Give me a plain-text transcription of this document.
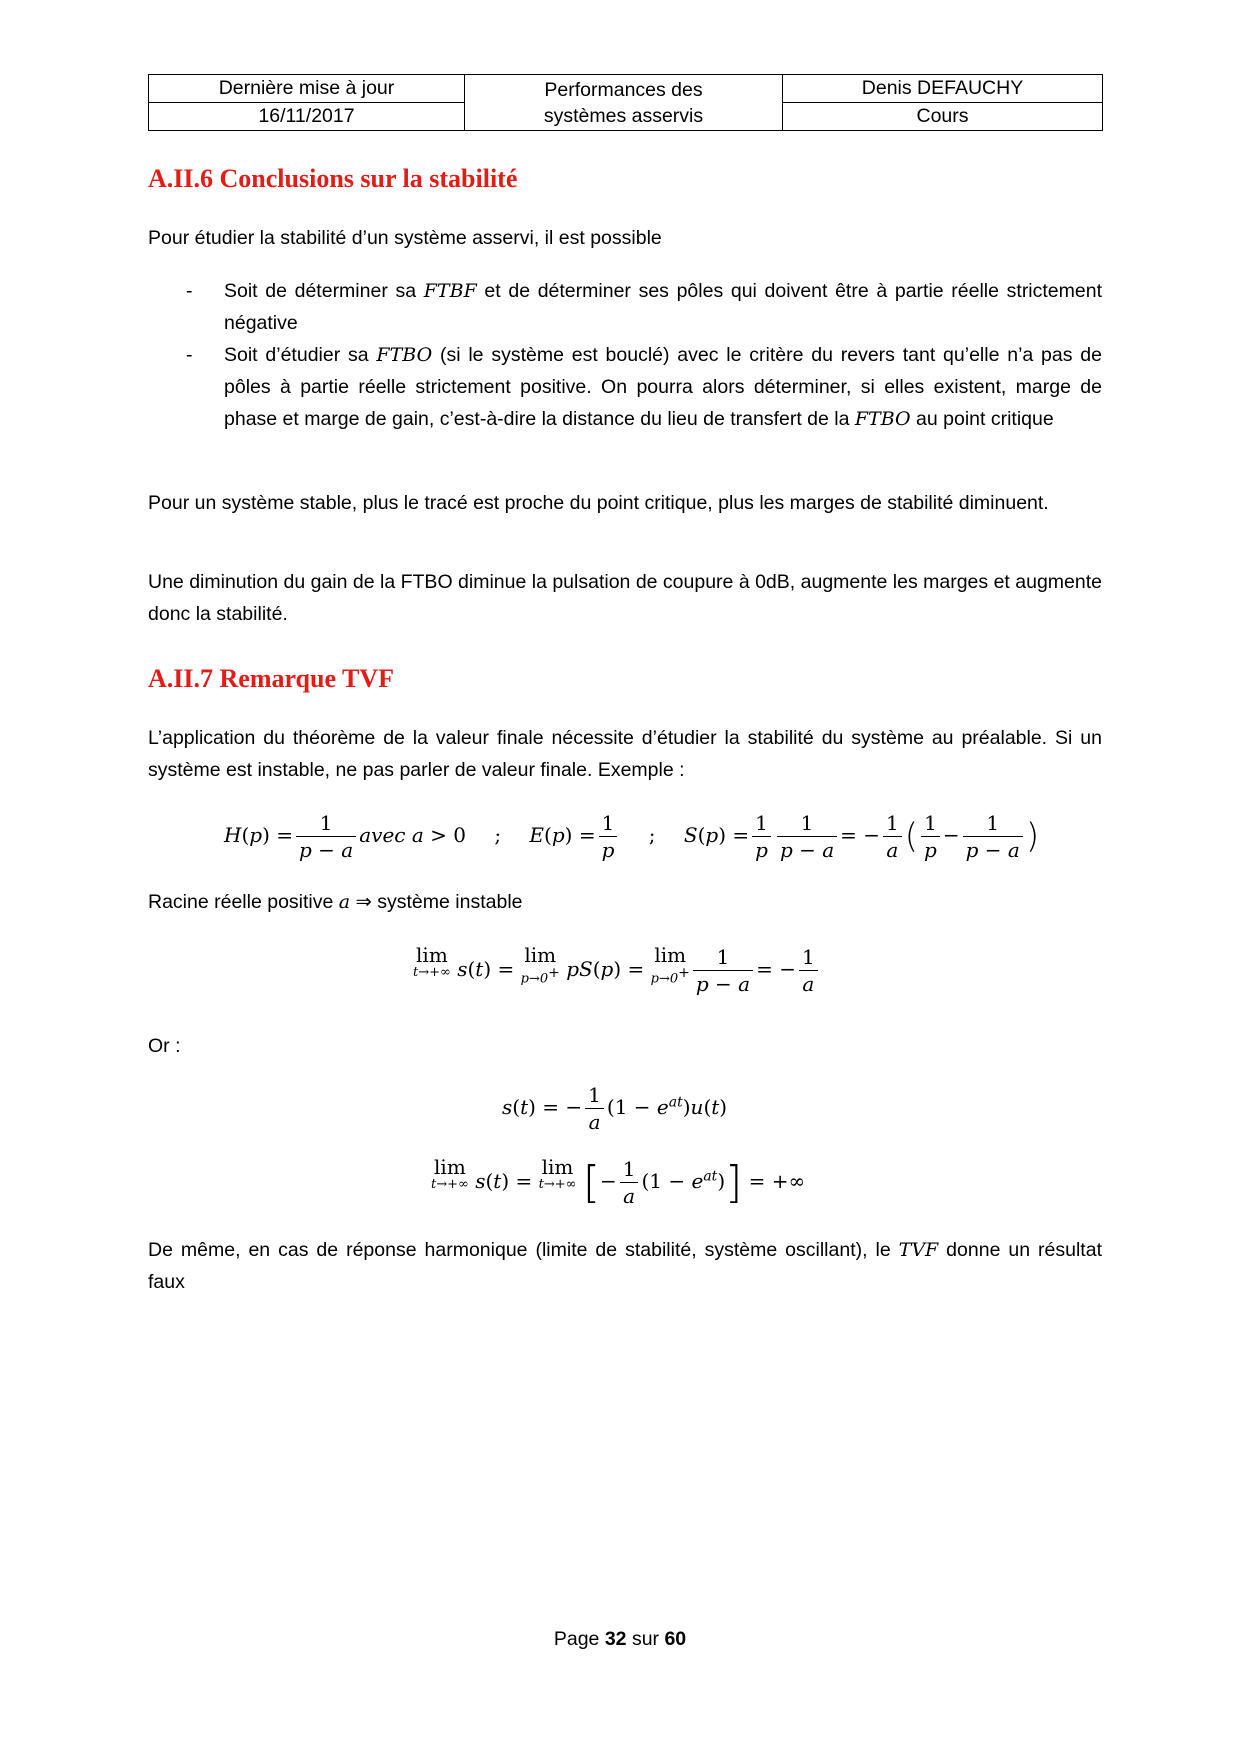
Dernière mise à jour	Performances des systèmes asservis	Denis DEFAUCHY
16/11/2017		Cours
A.II.6 Conclusions sur la stabilité

Pour étudier la stabilité d’un système asservi, il est possible

- Soit de déterminer sa FTBF et de déterminer ses pôles qui doivent être à partie réelle strictement négative
- Soit d’étudier sa FTBO (si le système est bouclé) avec le critère du revers tant qu’elle n’a pas de pôles à partie réelle strictement positive. On pourra alors déterminer, si elles existent, marge de phase et marge de gain, c’est-à-dire la distance du lieu de transfert de la FTBO au point critique

Pour un système stable, plus le tracé est proche du point critique, plus les marges de stabilité diminuent.

Une diminution du gain de la FTBO diminue la pulsation de coupure à 0dB, augmente les marges et augmente donc la stabilité.

A.II.7 Remarque TVF

L’application du théorème de la valeur finale nécessite d’étudier la stabilité du système au préalable. Si un système est instable, ne pas parler de valeur finale. Exemple :

$H(p) = \frac{1}{p - a}$ avec a > 0 ; $E(p) = \frac{1}{p}$ ; $S(p) = \frac{1}{p} \frac{1}{p - a}$ = − $\frac{1}{a}$ ( $\frac{1}{p} - \frac{1}{p - a}$ )

Racine réelle positive a ⇒ système instable

lim
t→+∞ s(t) = lim
p→0+ pS(p) = lim
$p\to 0^+ \frac{1}{p - a}$ = − $\frac{1}{a}$

Or :

s(t) = − $\frac{1}{a} (1 - e^{at})u(t)$
lim
t→+∞ s(t) = lim
t→+∞ [− $\frac{1}{a} (1 - e^{at})$] = +∞

De même, en cas de réponse harmonique (limite de stabilité, système oscillant), le TVF donne un résultat faux

Page 32 sur 60
